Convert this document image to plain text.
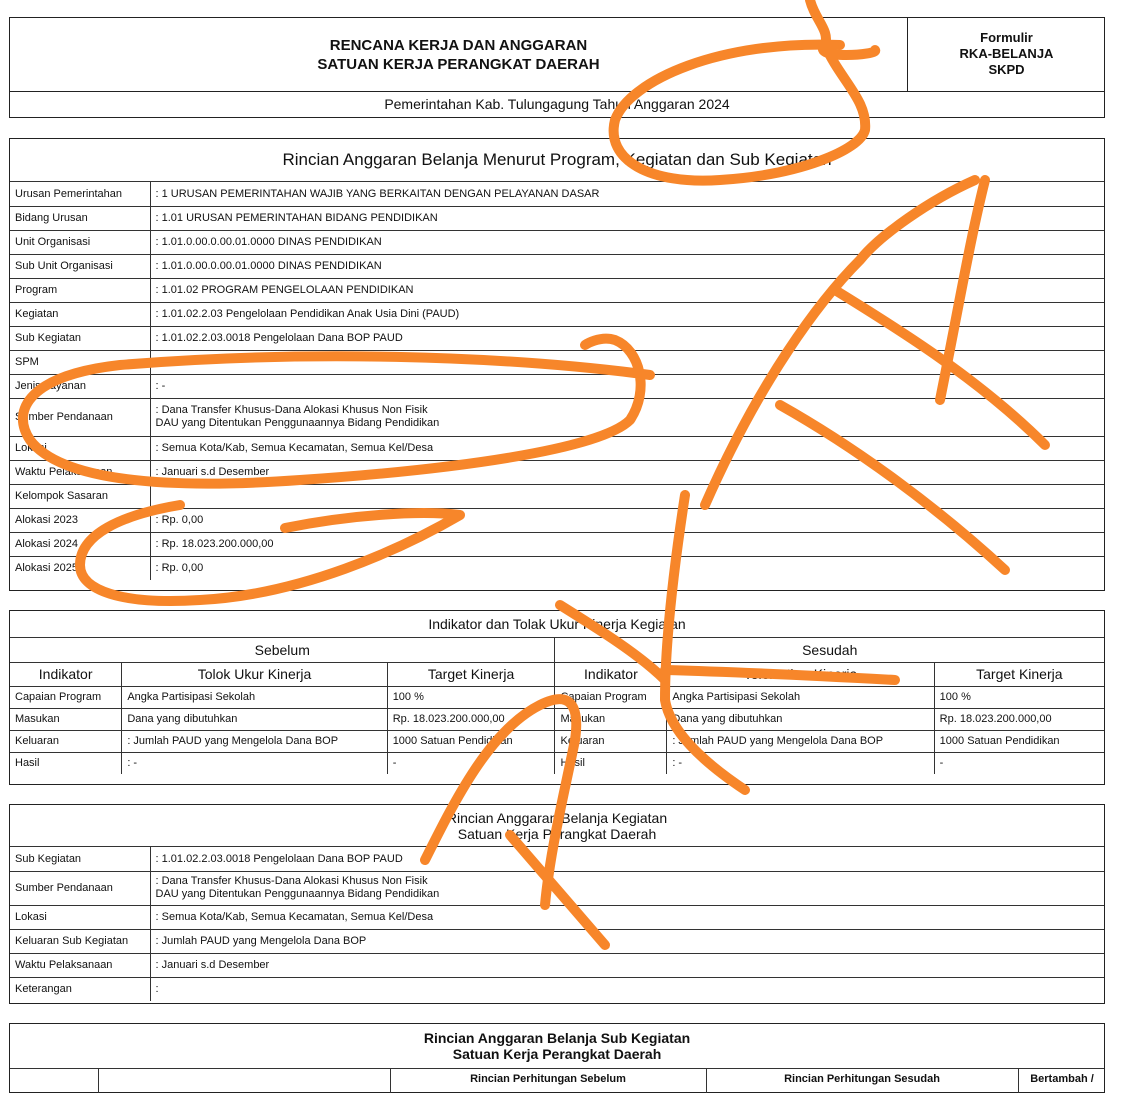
RENCANA KERJA DAN ANGGARAN
SATUAN KERJA PERANGKAT DAERAH
Formulir
RKA-BELANJA
SKPD
Pemerintahan Kab. Tulungagung Tahun Anggaran 2024
Rincian Anggaran Belanja Menurut Program, Kegiatan dan Sub Kegiatan
Urusan Pemerintahan	: 1 URUSAN PEMERINTAHAN WAJIB YANG BERKAITAN DENGAN PELAYANAN DASAR

Bidang Urusan	: 1.01 URUSAN PEMERINTAHAN BIDANG PENDIDIKAN

Unit Organisasi	: 1.01.0.00.0.00.01.0000 DINAS PENDIDIKAN

Sub Unit Organisasi	: 1.01.0.00.0.00.01.0000 DINAS PENDIDIKAN

Program	: 1.01.02 PROGRAM PENGELOLAAN PENDIDIKAN

Kegiatan	: 1.01.02.2.03 Pengelolaan Pendidikan Anak Usia Dini (PAUD)

Sub Kegiatan	: 1.01.02.2.03.0018 Pengelolaan Dana BOP PAUD

SPM	

Jenis Layanan	: -

Sumber Pendanaan	: Dana Transfer Khusus-Dana Alokasi Khusus Non Fisik
DAU yang Ditentukan Penggunaannya Bidang Pendidikan

Lokasi	: Semua Kota/Kab, Semua Kecamatan, Semua Kel/Desa

Waktu Pelaksanaan	: Januari s.d Desember

Kelompok Sasaran	

Alokasi 2023	: Rp. 0,00

Alokasi 2024	: Rp. 18.023.200.000,00

Alokasi 2025	: Rp. 0,00
Indikator dan Tolak Ukur Kinerja Kegiatan
Sebelum			Sesudah		
Indikator	Tolok Ukur Kinerja	Target Kinerja	Indikator	Tolok Ukur Kinerja	Target Kinerja
Capaian Program	Angka Partisipasi Sekolah	100 %	Capaian Program	Angka Partisipasi Sekolah	100 %
Masukan	Dana yang dibutuhkan	Rp. 18.023.200.000,00	Masukan	Dana yang dibutuhkan	Rp. 18.023.200.000,00
Keluaran	: Jumlah PAUD yang Mengelola Dana BOP	1000 Satuan Pendidikan	Keluaran	: Jumlah PAUD yang Mengelola Dana BOP	1000 Satuan Pendidikan
Hasil	: -	-	Hasil	: -	-
Rincian Anggaran Belanja Kegiatan
Satuan Kerja Perangkat Daerah
Sub Kegiatan	: 1.01.02.2.03.0018 Pengelolaan Dana BOP PAUD

Sumber Pendanaan	: Dana Transfer Khusus-Dana Alokasi Khusus Non Fisik
DAU yang Ditentukan Penggunaannya Bidang Pendidikan

Lokasi	: Semua Kota/Kab, Semua Kecamatan, Semua Kel/Desa

Keluaran Sub Kegiatan	: Jumlah PAUD yang Mengelola Dana BOP

Waktu Pelaksanaan	: Januari s.d Desember

Keterangan	:
Rincian Anggaran Belanja Sub Kegiatan
Satuan Kerja Perangkat Daerah
Rincian Perhitungan Sebelum	Rincian Perhitungan Sesudah	Bertambah /
